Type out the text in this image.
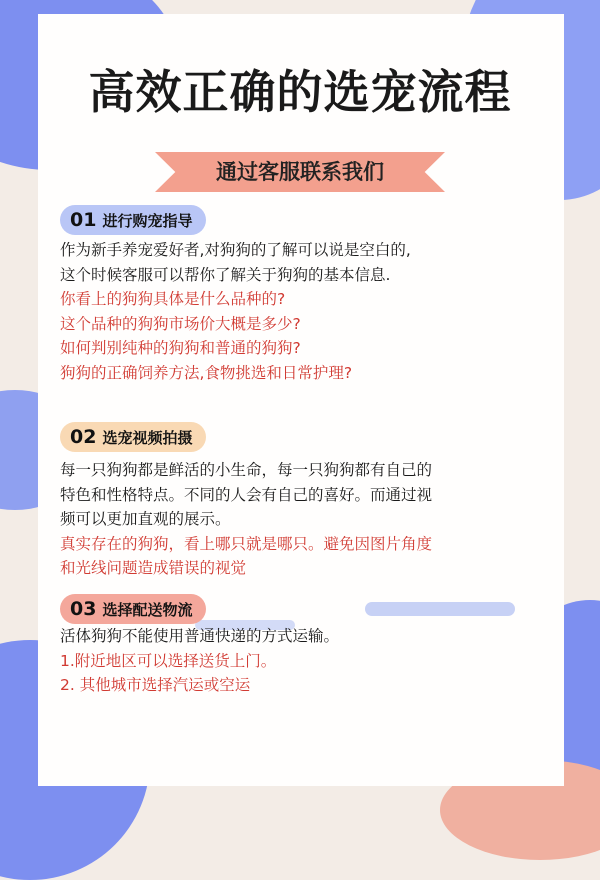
高效正确的选宠流程
通过客服联系我们
01 进行购宠指导
作为新手养宠爱好者,对狗狗的了解可以说是空白的,
这个时候客服可以帮你了解关于狗狗的基本信息.
你看上的狗狗具体是什么品种的?
这个品种的狗狗市场价大概是多少?
如何判别纯种的狗狗和普通的狗狗?
狗狗的正确饲养方法,食物挑选和日常护理?
02 选宠视频拍摄
每一只狗狗都是鲜活的小生命，每一只狗狗都有自己的
特色和性格特点。不同的人会有自己的喜好。而通过视
频可以更加直观的展示。
真实存在的狗狗，看上哪只就是哪只。避免因图片角度
和光线问题造成错误的视觉
03 选择配送物流
活体狗狗不能使用普通快递的方式运输。
1.附近地区可以选择送货上门。
2. 其他城市选择汽运或空运
